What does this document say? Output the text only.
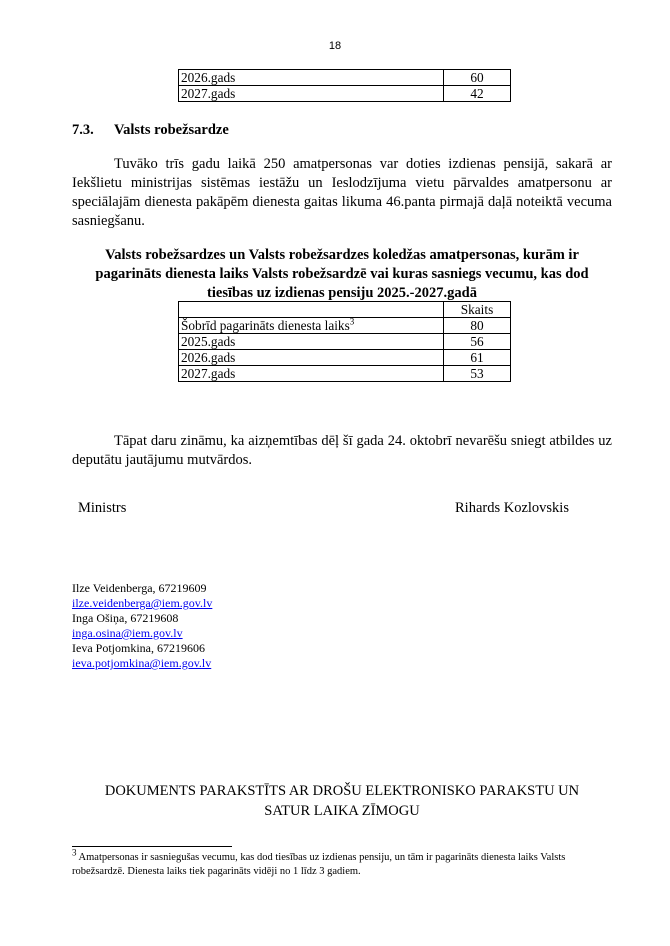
18
2026.gads	60
2027.gads	42
7.3. Valsts robežsardze
Tuvāko trīs gadu laikā 250 amatpersonas var doties izdienas pensijā, sakarā ar Iekšlietu ministrijas sistēmas iestāžu un Ieslodzījuma vietu pārvaldes amatpersonu ar speciālajām dienesta pakāpēm dienesta gaitas likuma 46.panta pirmajā daļā noteiktā vecuma sasniegšanu.
Valsts robežsardzes un Valsts robežsardzes koledžas amatpersonas, kurām ir pagarināts dienesta laiks Valsts robežsardzē vai kuras sasniegs vecumu, kas dod tiesības uz izdienas pensiju 2025.-2027.gadā
	Skaits
Šobrīd pagarināts dienesta laiks$^3$	80
2025.gads	56
2026.gads	61
2027.gads	53
Tāpat daru zināmu, ka aizņemtības dēļ šī gada 24. oktobrī nevarēšu sniegt atbildes uz deputātu jautājumu mutvārdos.
Ministrs	Rihards Kozlovskis
Ilze Veidenberga, 67219609
ilze.veidenberga@iem.gov.lv
Inga Ošiņa, 67219608
inga.osina@iem.gov.lv
Ieva Potjomkina, 67219606
ieva.potjomkina@iem.gov.lv
DOKUMENTS PARAKSTĪTS AR DROŠU ELEKTRONISKO PARAKSTU UN
SATUR LAIKA ZĪMOGU
$^3$ Amatpersonas ir sasniegušas vecumu, kas dod tiesības uz izdienas pensiju, un tām ir pagarināts dienesta laiks Valsts robežsardzē. Dienesta laiks tiek pagarināts vidēji no 1 līdz 3 gadiem.
